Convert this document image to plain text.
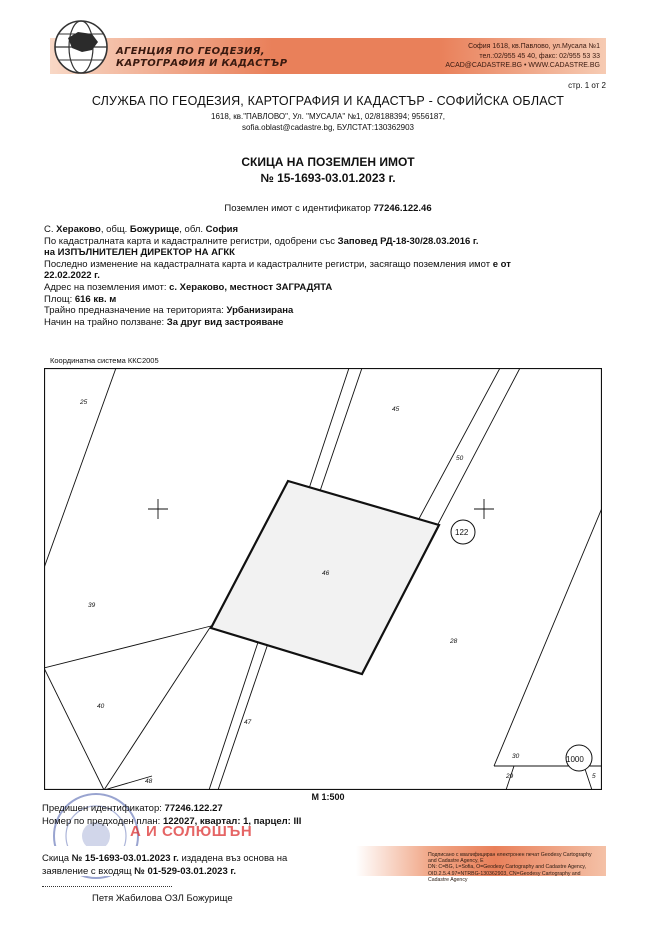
АГЕНЦИЯ ПО ГЕОДЕЗИЯ,
КАРТОГРАФИЯ И КАДАСТЪР
София 1618, кв.Павлово, ул.Мусала №1
тел.:02/955 45 40, факс: 02/955 53 33
ACAD@CADASTRE.BG • WWW.CADASTRE.BG
стр. 1 от 2
СЛУЖБА ПО ГЕОДЕЗИЯ, КАРТОГРАФИЯ И КАДАСТЪР - СОФИЙСКА ОБЛАСТ
1618, кв."ПАВЛОВО", Ул. "МУСАЛА" №1, 02/8188394; 9556187,
sofia.oblast@cadastre.bg, БУЛСТАТ:130362903
СКИЦА НА ПОЗЕМЛЕН ИМОТ
№ 15-1693-03.01.2023 г.
Поземлен имот с идентификатор 77246.122.46
С. Хераково, общ. Божурище, обл. София
По кадастралната карта и кадастралните регистри, одобрени със Заповед РД-18-30/28.03.2016 г.
на ИЗПЪЛНИТЕЛЕН ДИРЕКТОР НА АГКК
Последно изменение на кадастралната карта и кадастралните регистри, засягащо поземления имот е от
22.02.2022 г.
Адрес на поземления имот: с. Хераково, местност ЗАГРАДЯТА
Площ: 616 кв. м
Трайно предназначение на територията: Урбанизирана
Начин на трайно ползване: За друг вид застрояване
Координатна система ККС2005
25
45
50
122
46
39
28
40
47
30	1000
48
29	5
М 1:500
Предишен идентификатор: 77246.122.27
Номер по предходен план: 122027, квартал: 1, парцел: III
А И СОЛЮШЪН
Подписано с квалифициран електронен печат Geodesy Cartography
and Cadastre Agency, E
DN: C=BG, L=Sofia, O=Geodesy Cartography and Cadastre Agency,
OID.2.5.4.97=NTRBG-130362903, CN=Geodesy Cartography and
Cadastre Agency
Скица № 15-1693-03.01.2023 г. издадена въз основа на
заявление с входящ № 01-529-03.01.2023 г.
Петя Жабилова ОЗЛ Божурище
